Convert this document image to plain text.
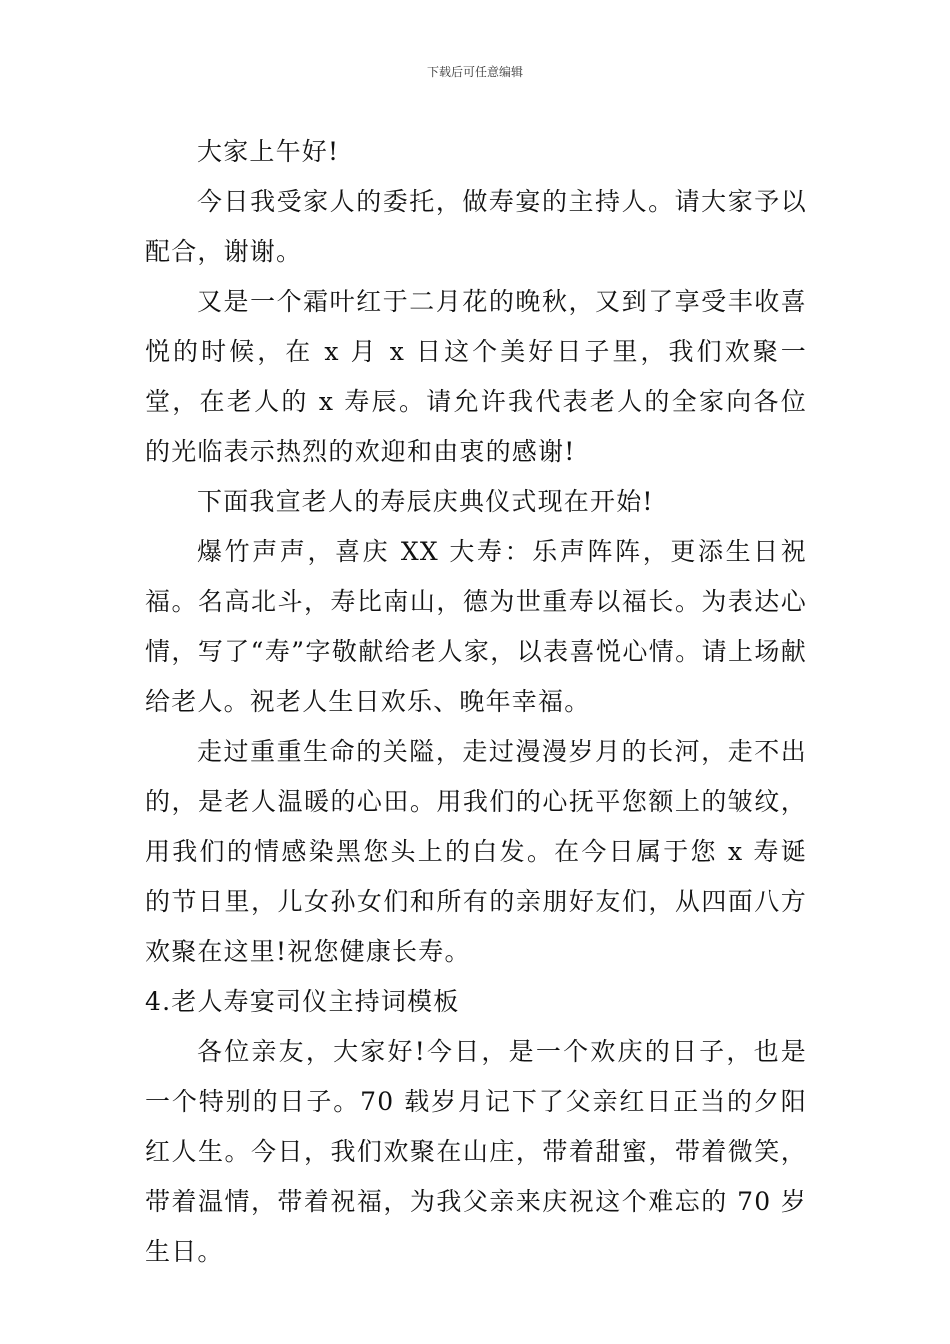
下载后可任意编辑

大家上午好!

今日我受家人的委托，做寿宴的主持人。请大家予以配合，谢谢。

又是一个霜叶红于二月花的晚秋，又到了享受丰收喜悦的时候，在 x 月 x 日这个美好日子里，我们欢聚一堂，在老人的 x 寿辰。请允许我代表老人的全家向各位的光临表示热烈的欢迎和由衷的感谢!

下面我宣老人的寿辰庆典仪式现在开始!

爆竹声声，喜庆 XX 大寿：乐声阵阵，更添生日祝福。名高北斗，寿比南山，德为世重寿以福长。为表达心情，写了“寿”字敬献给老人家，以表喜悦心情。请上场献给老人。祝老人生日欢乐、晚年幸福。

走过重重生命的关隘，走过漫漫岁月的长河，走不出的，是老人温暖的心田。用我们的心抚平您额上的皱纹，用我们的情感染黑您头上的白发。在今日属于您 x 寿诞的节日里，儿女孙女们和所有的亲朋好友们，从四面八方欢聚在这里!祝您健康长寿。

4.老人寿宴司仪主持词模板

各位亲友，大家好!今日，是一个欢庆的日子，也是一个特别的日子。70 载岁月记下了父亲红日正当的夕阳红人生。今日，我们欢聚在山庄，带着甜蜜，带着微笑，带着温情，带着祝福，为我父亲来庆祝这个难忘的 70 岁生日。
